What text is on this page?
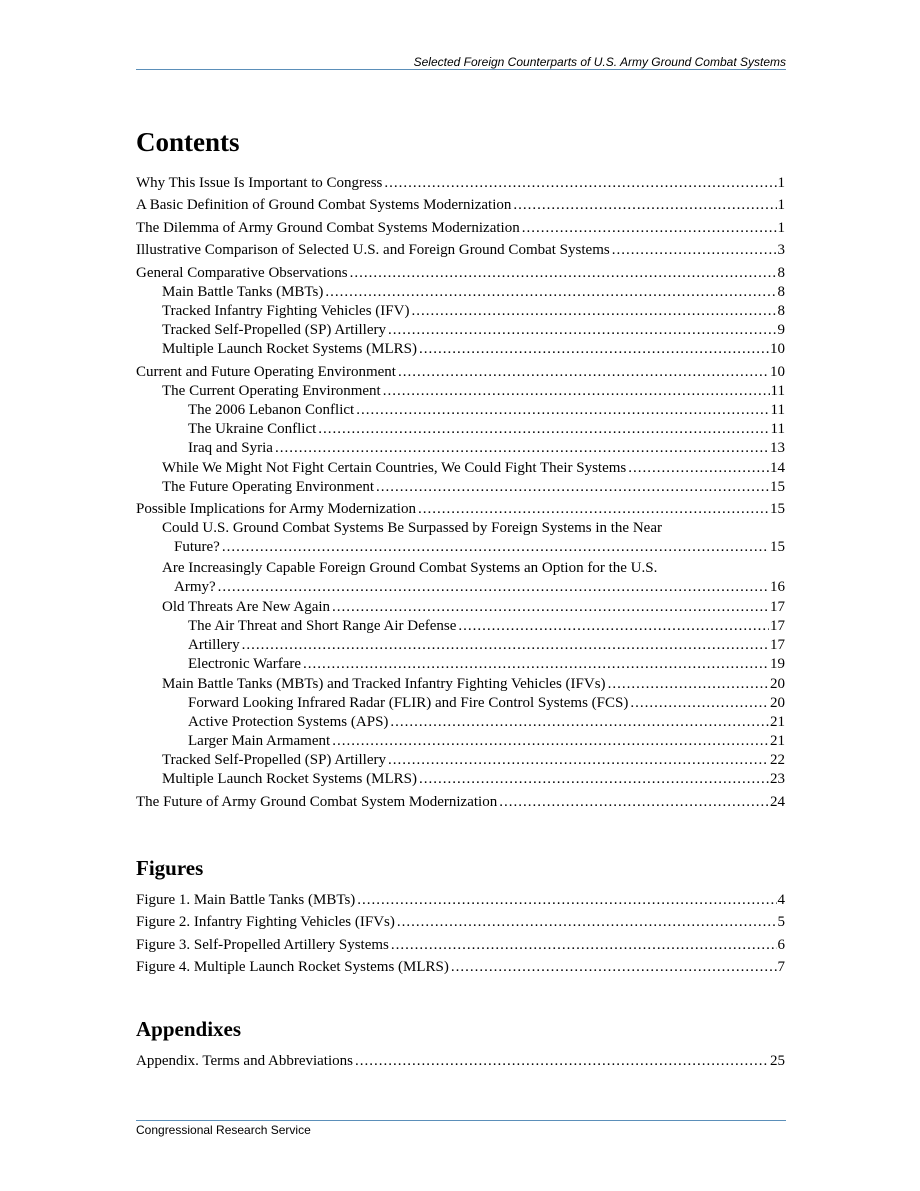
Selected Foreign Counterparts of U.S. Army Ground Combat Systems
Contents
Why This Issue Is Important to Congress .....	1
A Basic Definition of Ground Combat Systems Modernization .....	1
The Dilemma of Army Ground Combat Systems Modernization .....	1
Illustrative Comparison of Selected U.S. and Foreign Ground Combat Systems .....	3
General Comparative Observations .....	8
Main Battle Tanks (MBTs) .....	8
Tracked Infantry Fighting Vehicles (IFV) .....	8
Tracked Self-Propelled (SP) Artillery .....	9
Multiple Launch Rocket Systems (MLRS) .....	10
Current and Future Operating Environment .....	10
The Current Operating Environment .....	11
The 2006 Lebanon Conflict .....	11
The Ukraine Conflict .....	11
Iraq and Syria .....	13
While We Might Not Fight Certain Countries, We Could Fight Their Systems .....	14
The Future Operating Environment .....	15
Possible Implications for Army Modernization .....	15
Could U.S. Ground Combat Systems Be Surpassed by Foreign Systems in the Near
Future? .....	15
Are Increasingly Capable Foreign Ground Combat Systems an Option for the U.S.
Army? .....	16
Old Threats Are New Again .....	17
The Air Threat and Short Range Air Defense .....	17
Artillery .....	17
Electronic Warfare .....	19
Main Battle Tanks (MBTs) and Tracked Infantry Fighting Vehicles (IFVs) .....	20
Forward Looking Infrared Radar (FLIR) and Fire Control Systems (FCS) .....	20
Active Protection Systems (APS) .....	21
Larger Main Armament .....	21
Tracked Self-Propelled (SP) Artillery .....	22
Multiple Launch Rocket Systems (MLRS) .....	23
The Future of Army Ground Combat System Modernization .....	24
Figures
Figure 1. Main Battle Tanks (MBTs) .....	4
Figure 2. Infantry Fighting Vehicles (IFVs) .....	5
Figure 3. Self-Propelled Artillery Systems .....	6
Figure 4. Multiple Launch Rocket Systems (MLRS) .....	7
Appendixes
Appendix. Terms and Abbreviations .....	25
Congressional Research Service
